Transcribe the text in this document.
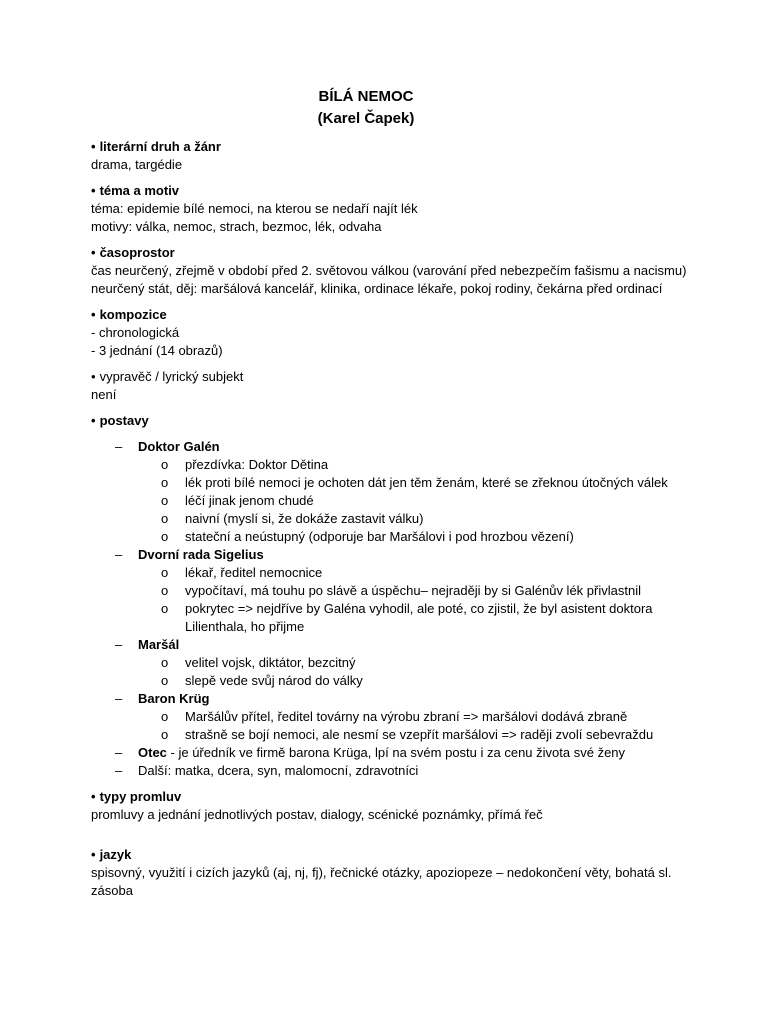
BÍLÁ NEMOC
(Karel Čapek)
• literární druh a žánr
drama, targédie
• téma a motiv
téma: epidemie bílé nemoci, na kterou se nedaří najít lék
motivy: válka, nemoc, strach, bezmoc, lék, odvaha
• časoprostor
čas neurčený, zřejmě v období před 2. světovou válkou (varování před nebezpečím fašismu a nacismu)
neurčený stát, děj: maršálová kancelář, klinika, ordinace lékaře, pokoj rodiny, čekárna před ordinací
• kompozice
- chronologická
- 3 jednání (14 obrazů)
• vypravěč / lyrický subjekt
není
• postavy
– Doktor Galén
o přezdívka: Doktor Dětina
o lék proti bílé nemoci je ochoten dát jen těm ženám, které se zřeknou útočných válek
o léčí jinak jenom chudé
o naivní (myslí si, že dokáže zastavit válku)
o stateční a neústupný (odporuje bar Maršálovi i pod hrozbou vězení)
– Dvorní rada Sigelius
o lékař, ředitel nemocnice
o vypočítaví, má touhu po slávě a úspěchu– nejraději by si Galénův lék přivlastnil
o pokrytec => nejdříve by Galéna vyhodil, ale poté, co zjistil, že byl asistent doktora Lilienthala, ho přijme
– Maršál
o velitel vojsk, diktátor, bezcitný
o slepě vede svůj národ do války
– Baron Krüg
o Maršálův přítel, ředitel továrny na výrobu zbraní => maršálovi dodává zbraně
o strašně se bojí nemoci, ale nesmí se vzepřít maršálovi => raději zvolí sebevraždu
– Otec - je úředník ve firmě barona Krüga, lpí na svém postu i za cenu života své ženy
– Další: matka, dcera, syn, malomocní, zdravotníci
• typy promluv
promluvy a jednání jednotlivých postav, dialogy, scénické poznámky, přímá řeč
• jazyk
spisovný, využití i cizích jazyků (aj, nj, fj), řečnické otázky, apoziopeze – nedokončení věty, bohatá sl. zásoba
